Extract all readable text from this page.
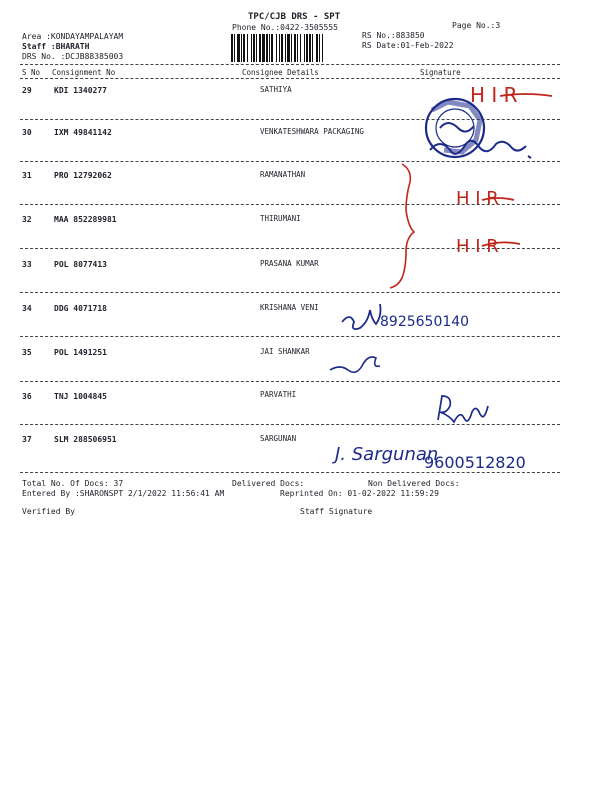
TPC/CJB DRS - SPT
Phone No.:0422-3505555	Page No.:3
Area :KONDAYAMPALAYAM
Staff :BHARATH
DRS No. :DCJB88385003
RS No.:883850
RS Date:01-Feb-2022
S No Consignment No	Consignee Details	Signature
29	KDI 1340277	SATHIYA
30	IXM 49841142	VENKATESHWARA PACKAGING
31	PRO 12792062	RAMANATHAN
32	MAA 852289981	THIRUMANI
33	POL 8077413	PRASANA KUMAR
34	DDG 4071718	KRISHANA VENI
35	POL 1491251	JAI SHANKAR
36	TNJ 1004845	PARVATHI
37	SLM 288506951	SARGUNAN
Total No. Of Docs: 37	Delivered Docs:	Non Delivered Docs:
Entered By :SHARONSPT 2/1/2022 11:56:41 AM	Reprinted On: 01-02-2022 11:59:29
Verified By	Staff Signature
H I R
H I R
H I R
8925650140
J. Sargunan
9600512820
